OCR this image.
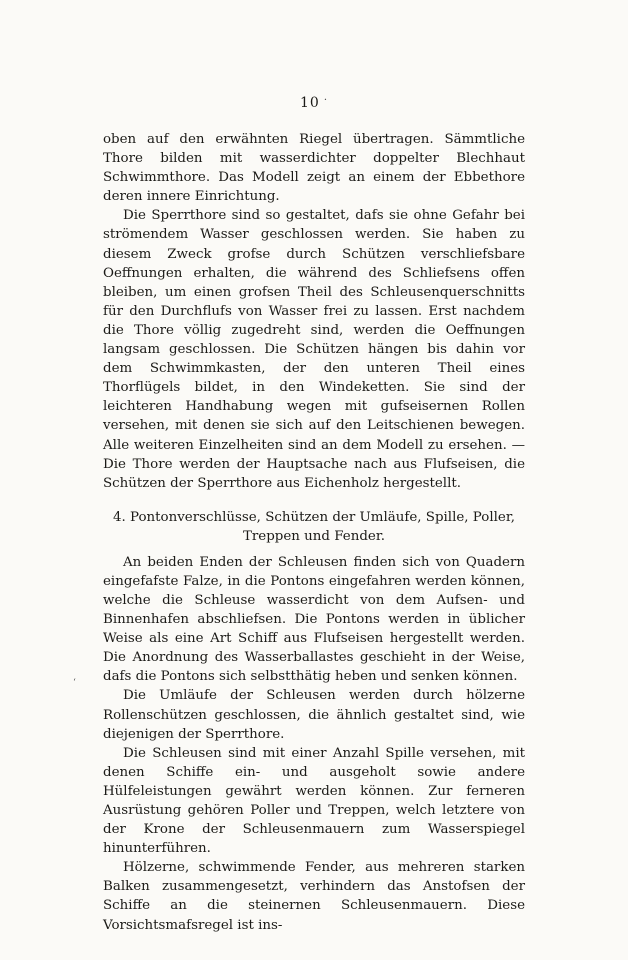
10 ·

oben auf den erwähnten Riegel übertragen. Sämmtliche Thore bilden mit wasserdichter doppelter Blechhaut Schwimmthore. Das Modell zeigt an einem der Ebbethore deren innere Einrichtung.

Die Sperrthore sind so gestaltet, dafs sie ohne Gefahr bei strömendem Wasser geschlossen werden. Sie haben zu diesem Zweck grofse durch Schützen verschliefsbare Oeffnungen erhalten, die während des Schliefsens offen bleiben, um einen grofsen Theil des Schleusenquerschnitts für den Durchflufs von Wasser frei zu lassen. Erst nachdem die Thore völlig zugedreht sind, werden die Oeffnungen langsam geschlossen. Die Schützen hängen bis dahin vor dem Schwimmkasten, der den unteren Theil eines Thorflügels bildet, in den Windeketten. Sie sind der leichteren Handhabung wegen mit gufseisernen Rollen versehen, mit denen sie sich auf den Leitschienen bewegen. Alle weiteren Einzelheiten sind an dem Modell zu ersehen. — Die Thore werden der Hauptsache nach aus Flufseisen, die Schützen der Sperrthore aus Eichenholz hergestellt.

4. Pontonverschlüsse, Schützen der Umläufe, Spille, Poller,
Treppen und Fender.

An beiden Enden der Schleusen finden sich von Quadern eingefafste Falze, in die Pontons eingefahren werden können, welche die Schleuse wasserdicht von dem Aufsen- und Binnenhafen abschliefsen. Die Pontons werden in üblicher Weise als eine Art Schiff aus Flufseisen hergestellt werden. Die Anordnung des Wasserballastes geschieht in der Weise, dafs die Pontons sich selbstthätig heben und senken können.

Die Umläufe der Schleusen werden durch hölzerne Rollenschützen geschlossen, die ähnlich gestaltet sind, wie diejenigen der Sperrthore.

Die Schleusen sind mit einer Anzahl Spille versehen, mit denen Schiffe ein- und ausgeholt sowie andere Hülfeleistungen gewährt werden können. Zur ferneren Ausrüstung gehören Poller und Treppen, welch letztere von der Krone der Schleusenmauern zum Wasserspiegel hinunterführen.

Hölzerne, schwimmende Fender, aus mehreren starken Balken zusammengesetzt, verhindern das Anstofsen der Schiffe an die steinernen Schleusenmauern. Diese Vorsichtsmafsregel ist ins-

‘
